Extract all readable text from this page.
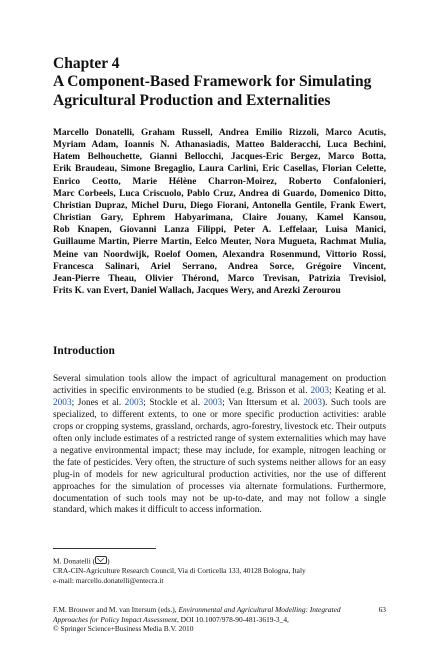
Chapter 4
A Component-Based Framework for Simulating
Agricultural Production and Externalities
Marcello Donatelli, Graham Russell, Andrea Emilio Rizzoli, Marco Acutis, Myriam Adam, Ioannis N. Athanasiadis, Matteo Balderacchi, Luca Bechini, Hatem Belhouchette, Gianni Bellocchi, Jacques-Eric Bergez, Marco Botta, Erik Braudeau, Simone Bregaglio, Laura Carlini, Eric Casellas, Florian Celette, Enrico Ceotto, Marie Hélène Charron-Moirez, Roberto Confalonieri, Marc Corbeels, Luca Criscuolo, Pablo Cruz, Andrea di Guardo, Domenico Ditto, Christian Dupraz, Michel Duru, Diego Fiorani, Antonella Gentile, Frank Ewert, Christian Gary, Ephrem Habyarimana, Claire Jouany, Kamel Kansou, Rob Knapen, Giovanni Lanza Filippi, Peter A. Leffelaar, Luisa Manici, Guillaume Martin, Pierre Martin, Eelco Meuter, Nora Mugueta, Rachmat Mulia, Meine van Noordwijk, Roelof Oomen, Alexandra Rosenmund, Vittorio Rossi, Francesca Salinari, Ariel Serrano, Andrea Sorce, Grégoire Vincent, Jean-Pierre Theau, Olivier Thérond, Marco Trevisan, Patrizia Trevisiol, Frits K. van Evert, Daniel Wallach, Jacques Wery, and Arezki Zerourou
Introduction
Several simulation tools allow the impact of agricultural management on production activities in specific environments to be studied (e.g. Brisson et al. 2003; Keating et al. 2003; Jones et al. 2003; Stockle et al. 2003; Van Ittersum et al. 2003). Such tools are specialized, to different extents, to one or more specific production activities: arable crops or cropping systems, grassland, orchards, agro-forestry, livestock etc. Their outputs often only include estimates of a restricted range of system externalities which may have a negative environmental impact; these may include, for example, nitrogen leaching or the fate of pesticides. Very often, the structure of such systems neither allows for an easy plug-in of models for new agricultural production activities, nor the use of different approaches for the simulation of processes via alternate formulations. Furthermore, documentation of such tools may not be up-to-date, and may not follow a single standard, which makes it difficult to access information.
M. Donatelli ( )
CRA-CIN-Agriculture Research Council, Via di Corticella 133, 40128 Bologna, Italy
e-mail: marcello.donatelli@entecra.it
F.M. Brouwer and M. van Ittersum (eds.), Environmental and Agricultural Modelling: Integrated Approaches for Policy Impact Assessment, DOI 10.1007/978-90-481-3619-3_4,
© Springer Science+Business Media B.V. 2010
63
